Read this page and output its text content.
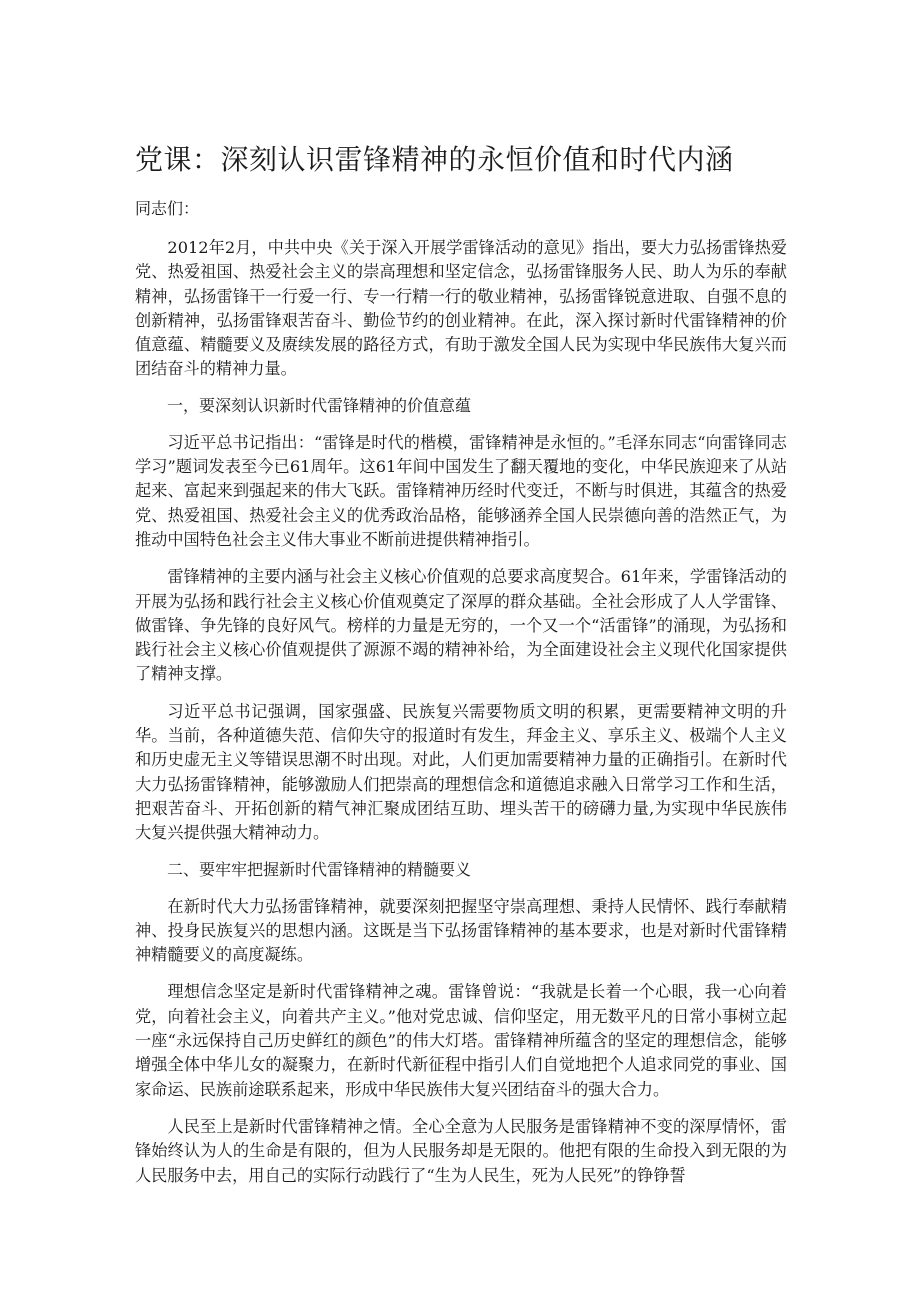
党课：深刻认识雷锋精神的永恒价值和时代内涵

同志们：

2012年2月，中共中央《关于深入开展学雷锋活动的意见》指出，要大力弘扬雷锋热爱党、热爱祖国、热爱社会主义的崇高理想和坚定信念，弘扬雷锋服务人民、助人为乐的奉献精神，弘扬雷锋干一行爱一行、专一行精一行的敬业精神，弘扬雷锋锐意进取、自强不息的创新精神，弘扬雷锋艰苦奋斗、勤俭节约的创业精神。在此，深入探讨新时代雷锋精神的价值意蕴、精髓要义及赓续发展的路径方式，有助于激发全国人民为实现中华民族伟大复兴而团结奋斗的精神力量。

一，要深刻认识新时代雷锋精神的价值意蕴

习近平总书记指出：“雷锋是时代的楷模，雷锋精神是永恒的。”毛泽东同志“向雷锋同志学习”题词发表至今已61周年。这61年间中国发生了翻天覆地的变化，中华民族迎来了从站起来、富起来到强起来的伟大飞跃。雷锋精神历经时代变迁，不断与时俱进，其蕴含的热爱党、热爱祖国、热爱社会主义的优秀政治品格，能够涵养全国人民崇德向善的浩然正气，为推动中国特色社会主义伟大事业不断前进提供精神指引。

雷锋精神的主要内涵与社会主义核心价值观的总要求高度契合。61年来，学雷锋活动的开展为弘扬和践行社会主义核心价值观奠定了深厚的群众基础。全社会形成了人人学雷锋、做雷锋、争先锋的良好风气。榜样的力量是无穷的，一个又一个“活雷锋”的涌现，为弘扬和践行社会主义核心价值观提供了源源不竭的精神补给，为全面建设社会主义现代化国家提供了精神支撑。

习近平总书记强调，国家强盛、民族复兴需要物质文明的积累，更需要精神文明的升华。当前，各种道德失范、信仰失守的报道时有发生，拜金主义、享乐主义、极端个人主义和历史虚无主义等错误思潮不时出现。对此，人们更加需要精神力量的正确指引。在新时代大力弘扬雷锋精神，能够激励人们把崇高的理想信念和道德追求融入日常学习工作和生活，把艰苦奋斗、开拓创新的精气神汇聚成团结互助、埋头苦干的磅礴力量,为实现中华民族伟大复兴提供强大精神动力。

二、要牢牢把握新时代雷锋精神的精髓要义

在新时代大力弘扬雷锋精神，就要深刻把握坚守崇高理想、秉持人民情怀、践行奉献精神、投身民族复兴的思想内涵。这既是当下弘扬雷锋精神的基本要求，也是对新时代雷锋精神精髓要义的高度凝练。

理想信念坚定是新时代雷锋精神之魂。雷锋曾说：“我就是长着一个心眼，我一心向着党，向着社会主义，向着共产主义。”他对党忠诚、信仰坚定，用无数平凡的日常小事树立起一座“永远保持自己历史鲜红的颜色”的伟大灯塔。雷锋精神所蕴含的坚定的理想信念，能够增强全体中华儿女的凝聚力，在新时代新征程中指引人们自觉地把个人追求同党的事业、国家命运、民族前途联系起来，形成中华民族伟大复兴团结奋斗的强大合力。

人民至上是新时代雷锋精神之情。全心全意为人民服务是雷锋精神不变的深厚情怀，雷锋始终认为人的生命是有限的，但为人民服务却是无限的。他把有限的生命投入到无限的为人民服务中去，用自己的实际行动践行了“生为人民生，死为人民死”的铮铮誓
